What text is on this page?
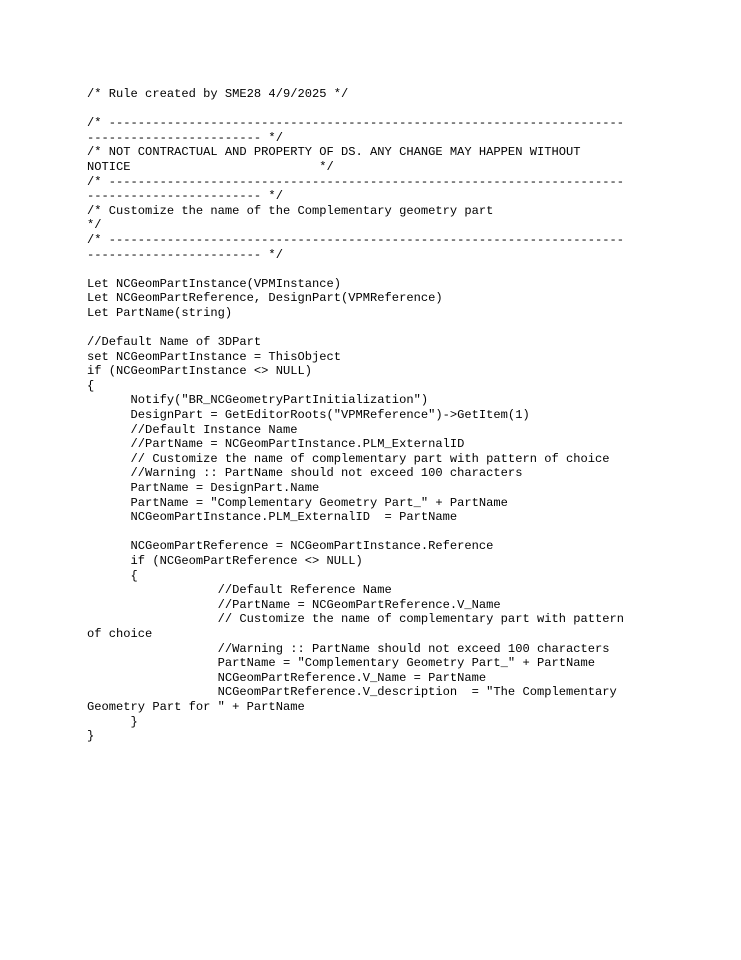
/* Rule created by SME28 4/9/2025 */
/* -----------------------------------------------------------------------
------------------------ */
/* NOT CONTRACTUAL AND PROPERTY OF DS. ANY CHANGE MAY HAPPEN WITHOUT
NOTICE                          */
/* -----------------------------------------------------------------------
------------------------ */
/* Customize the name of the Complementary geometry part
*/
/* -----------------------------------------------------------------------
------------------------ */
Let NCGeomPartInstance(VPMInstance)
Let NCGeomPartReference, DesignPart(VPMReference)
Let PartName(string)
//Default Name of 3DPart
set NCGeomPartInstance = ThisObject
if (NCGeomPartInstance <> NULL)
{
Notify("BR_NCGeometryPartInitialization")
DesignPart = GetEditorRoots("VPMReference")->GetItem(1)
//Default Instance Name
//PartName = NCGeomPartInstance.PLM_ExternalID
// Customize the name of complementary part with pattern of choice
//Warning :: PartName should not exceed 100 characters
PartName = DesignPart.Name
PartName = "Complementary Geometry Part_" + PartName
NCGeomPartInstance.PLM_ExternalID  = PartName
NCGeomPartReference = NCGeomPartInstance.Reference
if (NCGeomPartReference <> NULL)
{
//Default Reference Name
//PartName = NCGeomPartReference.V_Name
// Customize the name of complementary part with pattern
of choice
//Warning :: PartName should not exceed 100 characters
PartName = "Complementary Geometry Part_" + PartName
NCGeomPartReference.V_Name = PartName
NCGeomPartReference.V_description  = "The Complementary
Geometry Part for " + PartName
}
}
